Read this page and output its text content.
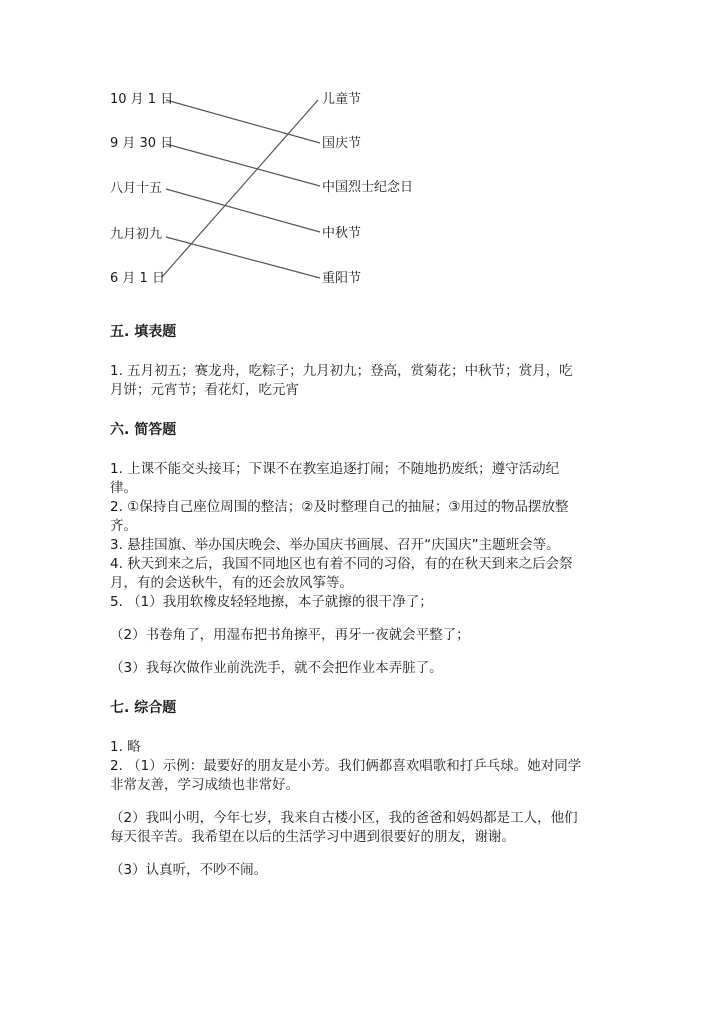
10 月 1 日
9 月 30 日
八月十五
九月初九
6 月 1 日
儿童节
国庆节
中国烈士纪念日
中秋节
重阳节

五. 填表题

1. 五月初五；赛龙舟，吃粽子；九月初九；登高，赏菊花；中秋节；赏月，吃

月饼；元宵节；看花灯，吃元宵

六. 简答题

1. 上课不能交头接耳；下课不在教室追逐打闹；不随地扔废纸；遵守活动纪

律。

2. ①保持自己座位周围的整洁；②及时整理自己的抽屉；③用过的物品摆放整

齐。

3. 悬挂国旗、举办国庆晚会、举办国庆书画展、召开“庆国庆”主题班会等。

4. 秋天到来之后，我国不同地区也有着不同的习俗，有的在秋天到来之后会祭

月，有的会送秋牛，有的还会放风筝等。

5. （1）我用软橡皮轻轻地擦，本子就擦的很干净了；

（2）书卷角了，用湿布把书角擦平，再牙一夜就会平整了；

（3）我每次做作业前洗洗手，就不会把作业本弄脏了。

七. 综合题

1. 略

2. （1）示例：最要好的朋友是小芳。我们俩都喜欢唱歌和打乒乓球。她对同学

非常友善，学习成绩也非常好。

（2）我叫小明，今年七岁，我来自古楼小区，我的爸爸和妈妈都是工人，他们

每天很辛苦。我希望在以后的生活学习中遇到很要好的朋友，谢谢。

（3）认真听，不吵不闹。
